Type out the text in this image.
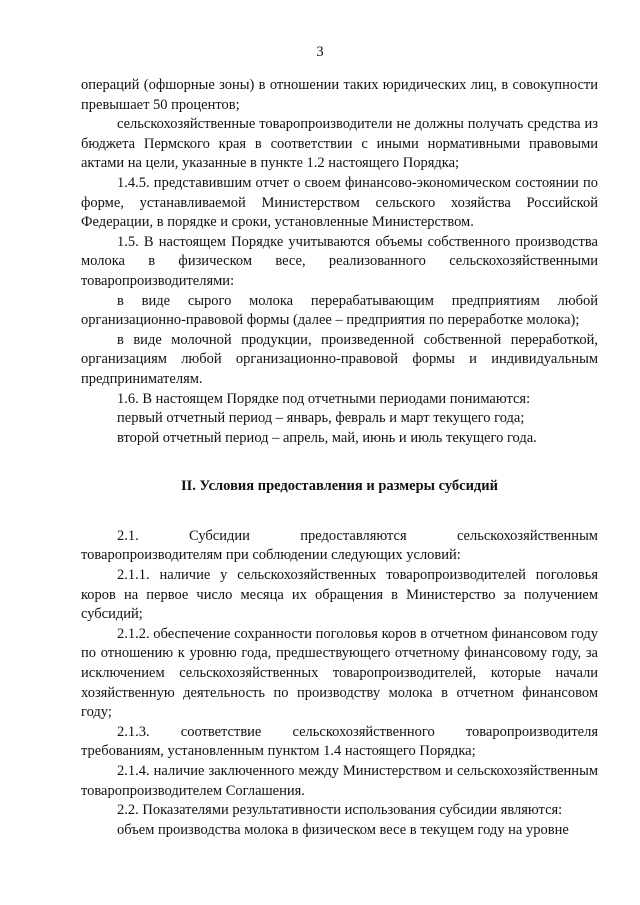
3

операций (офшорные зоны) в отношении таких юридических лиц, в совокупности превышает 50 процентов;

сельскохозяйственные товаропроизводители не должны получать средства из бюджета Пермского края в соответствии с иными нормативными правовыми актами на цели, указанные в пункте 1.2 настоящего Порядка;

1.4.5. представившим отчет о своем финансово-экономическом состоянии по форме, устанавливаемой Министерством сельского хозяйства Российской Федерации, в порядке и сроки, установленные Министерством.

1.5. В настоящем Порядке учитываются объемы собственного производства молока в физическом весе, реализованного сельскохозяйственными товаропроизводителями:

в виде сырого молока перерабатывающим предприятиям любой организационно-правовой формы (далее – предприятия по переработке молока);

в виде молочной продукции, произведенной собственной переработкой, организациям любой организационно-правовой формы и индивидуальным предпринимателям.

1.6. В настоящем Порядке под отчетными периодами понимаются:

первый отчетный период – январь, февраль и март текущего года;

второй отчетный период – апрель, май, июнь и июль текущего года.

II. Условия предоставления и размеры субсидий

2.1. Субсидии предоставляются сельскохозяйственным товаропроизводителям при соблюдении следующих условий:

2.1.1. наличие у сельскохозяйственных товаропроизводителей поголовья коров на первое число месяца их обращения в Министерство за получением субсидий;

2.1.2. обеспечение сохранности поголовья коров в отчетном финансовом году по отношению к уровню года, предшествующего отчетному финансовому году, за исключением сельскохозяйственных товаропроизводителей, которые начали хозяйственную деятельность по производству молока в отчетном финансовом году;

2.1.3. соответствие сельскохозяйственного товаропроизводителя требованиям, установленным пунктом 1.4 настоящего Порядка;

2.1.4. наличие заключенного между Министерством и сельскохозяйственным товаропроизводителем Соглашения.

2.2. Показателями результативности использования субсидии являются:

объем производства молока в физическом весе в текущем году на уровне
